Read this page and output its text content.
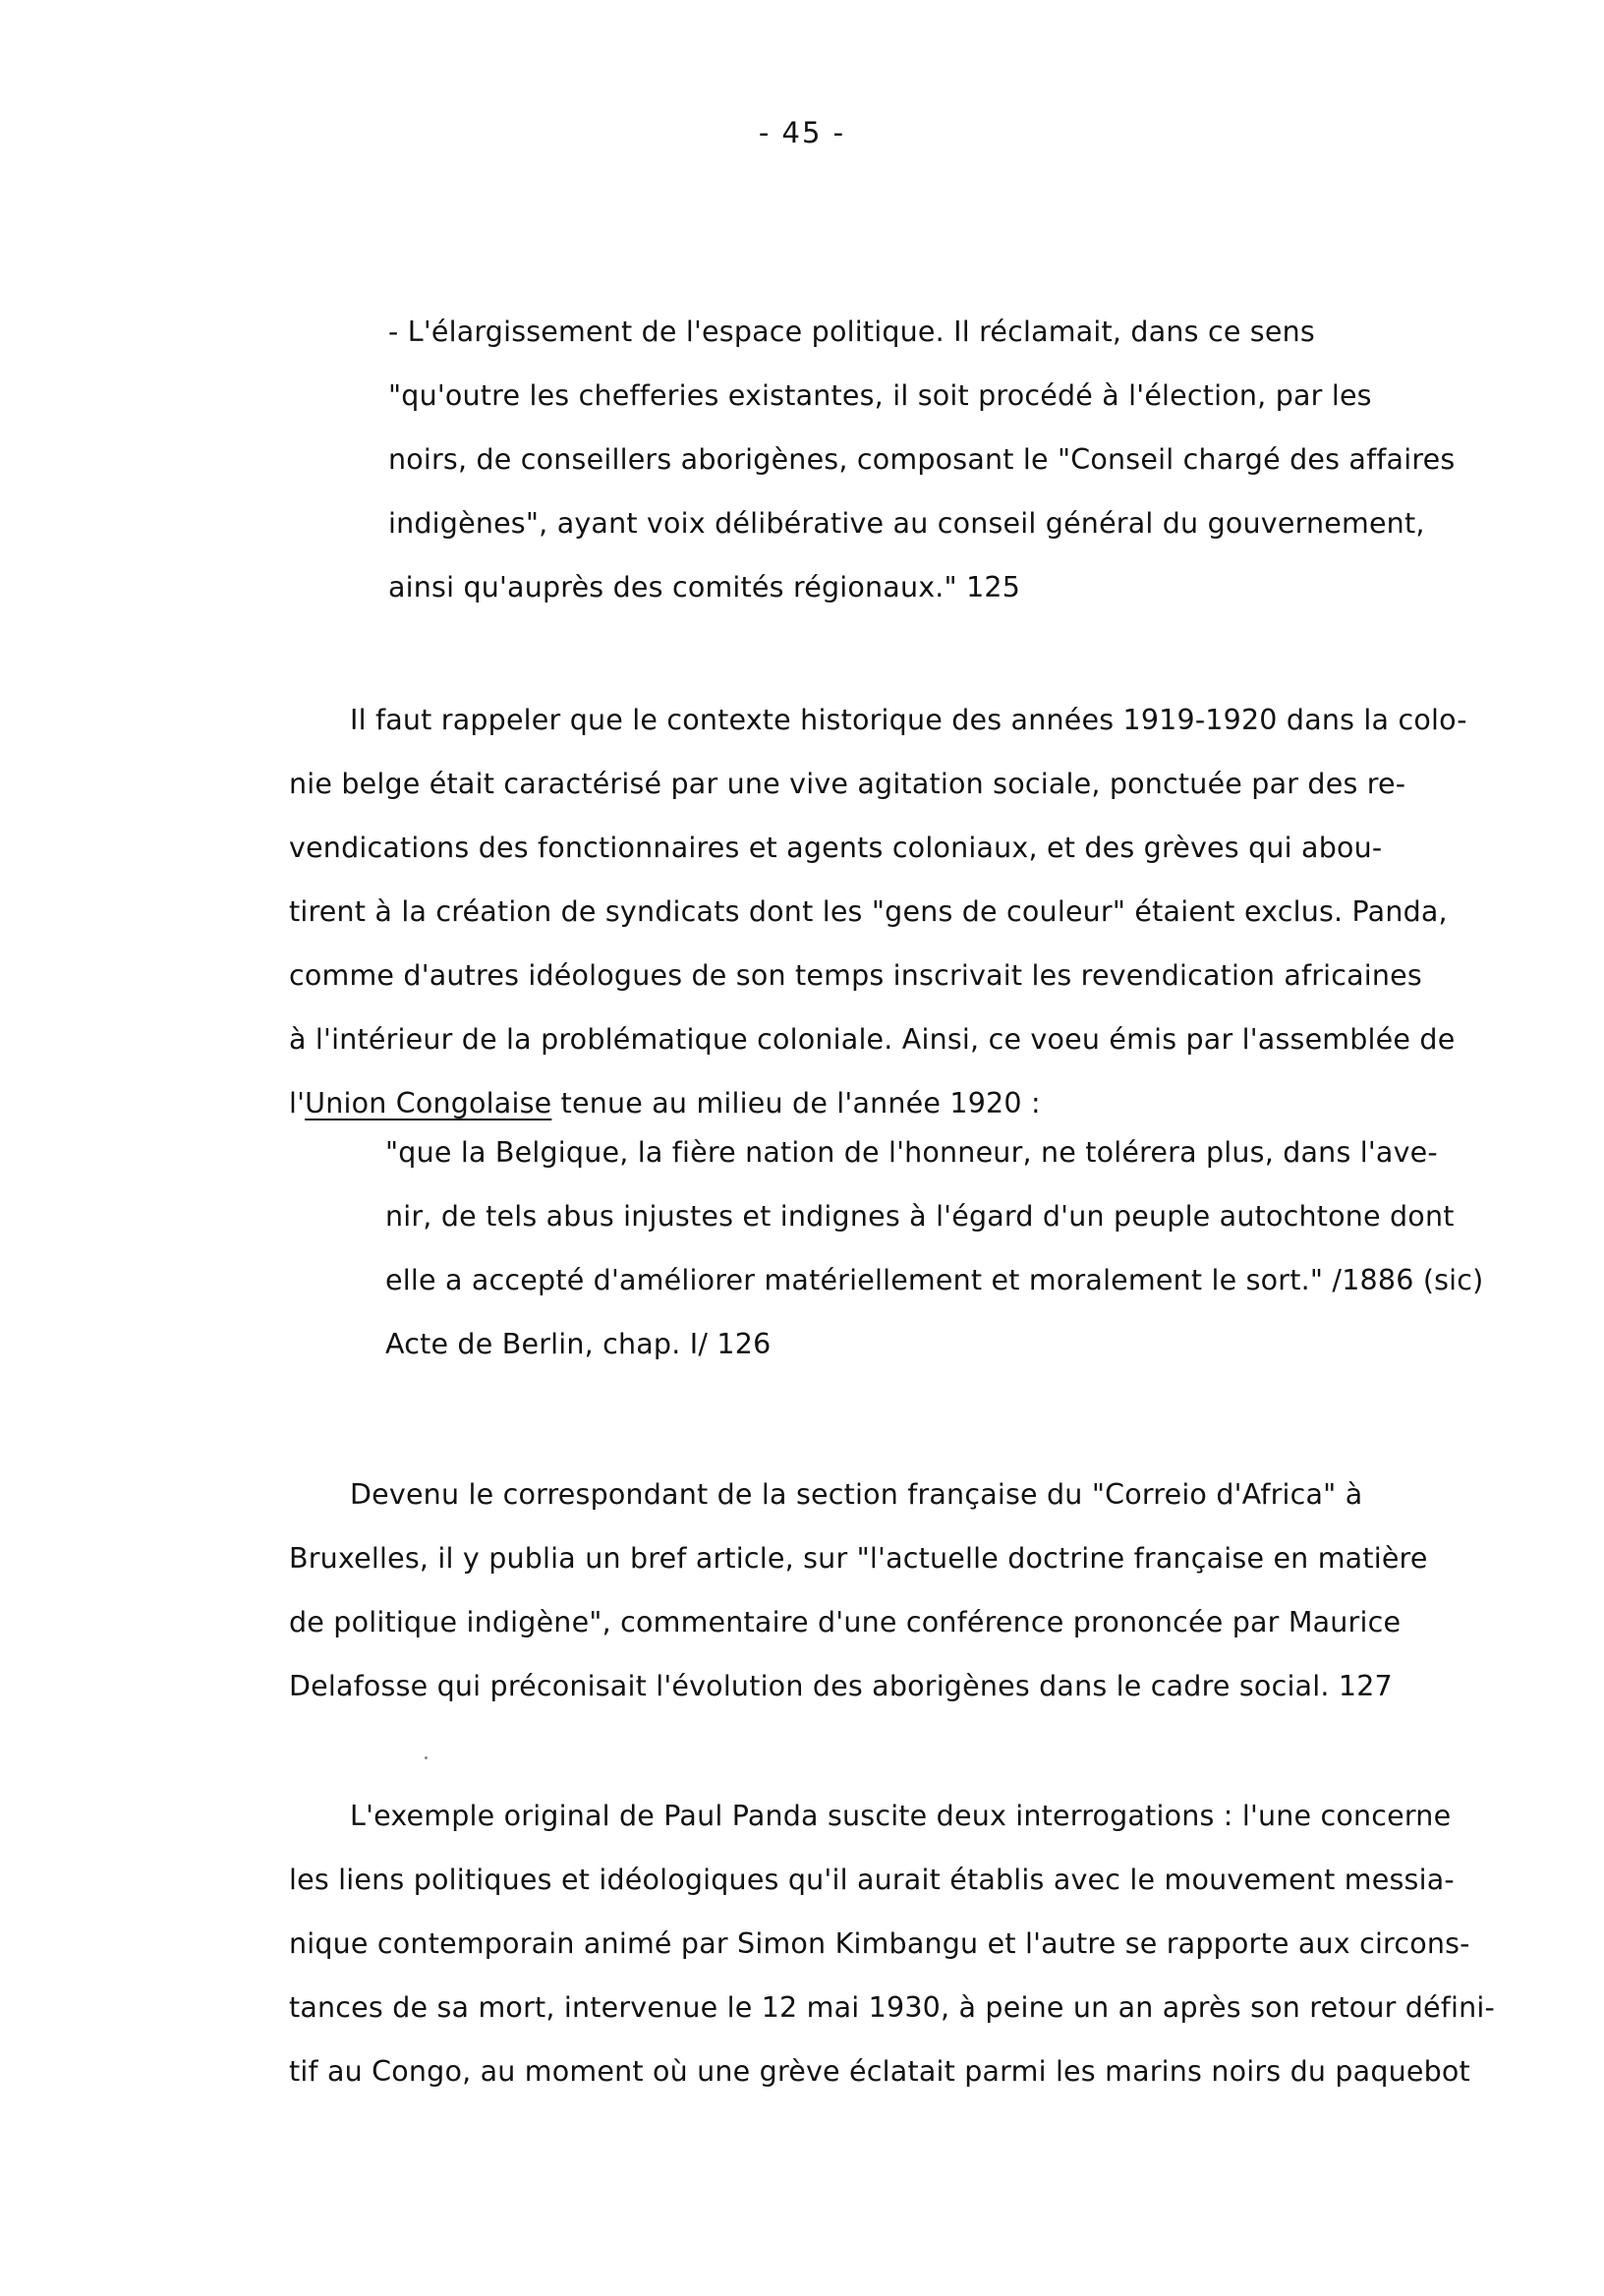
- 45 -
- L'élargissement de l'espace politique. Il réclamait, dans ce sens
"qu'outre les chefferies existantes, il soit procédé à l'élection, par les
noirs, de conseillers aborigènes, composant le "Conseil chargé des affaires
indigènes", ayant voix délibérative au conseil général du gouvernement,
ainsi qu'auprès des comités régionaux." 125
Il faut rappeler que le contexte historique des années 1919-1920 dans la colo-
nie belge était caractérisé par une vive agitation sociale, ponctuée par des re-
vendications des fonctionnaires et agents coloniaux, et des grèves qui abou-
tirent à la création de syndicats dont les "gens de couleur" étaient exclus. Panda,
comme d'autres idéologues de son temps inscrivait les revendication africaines
à l'intérieur de la problématique coloniale. Ainsi, ce voeu émis par l'assemblée de
l'Union Congolaise tenue au milieu de l'année 1920 :
"que la Belgique, la fière nation de l'honneur, ne tolérera plus, dans l'ave-
nir, de tels abus injustes et indignes à l'égard d'un peuple autochtone dont
elle a accepté d'améliorer matériellement et moralement le sort." /1886 (sic)
Acte de Berlin, chap. I/ 126
Devenu le correspondant de la section française du "Correio d'Africa" à
Bruxelles, il y publia un bref article, sur "l'actuelle doctrine française en matière
de politique indigène", commentaire d'une conférence prononcée par Maurice
Delafosse qui préconisait l'évolution des aborigènes dans le cadre social. 127
L'exemple original de Paul Panda suscite deux interrogations : l'une concerne
les liens politiques et idéologiques qu'il aurait établis avec le mouvement messia-
nique contemporain animé par Simon Kimbangu et l'autre se rapporte aux circons-
tances de sa mort, intervenue le 12 mai 1930, à peine un an après son retour défini-
tif au Congo, au moment où une grève éclatait parmi les marins noirs du paquebot
